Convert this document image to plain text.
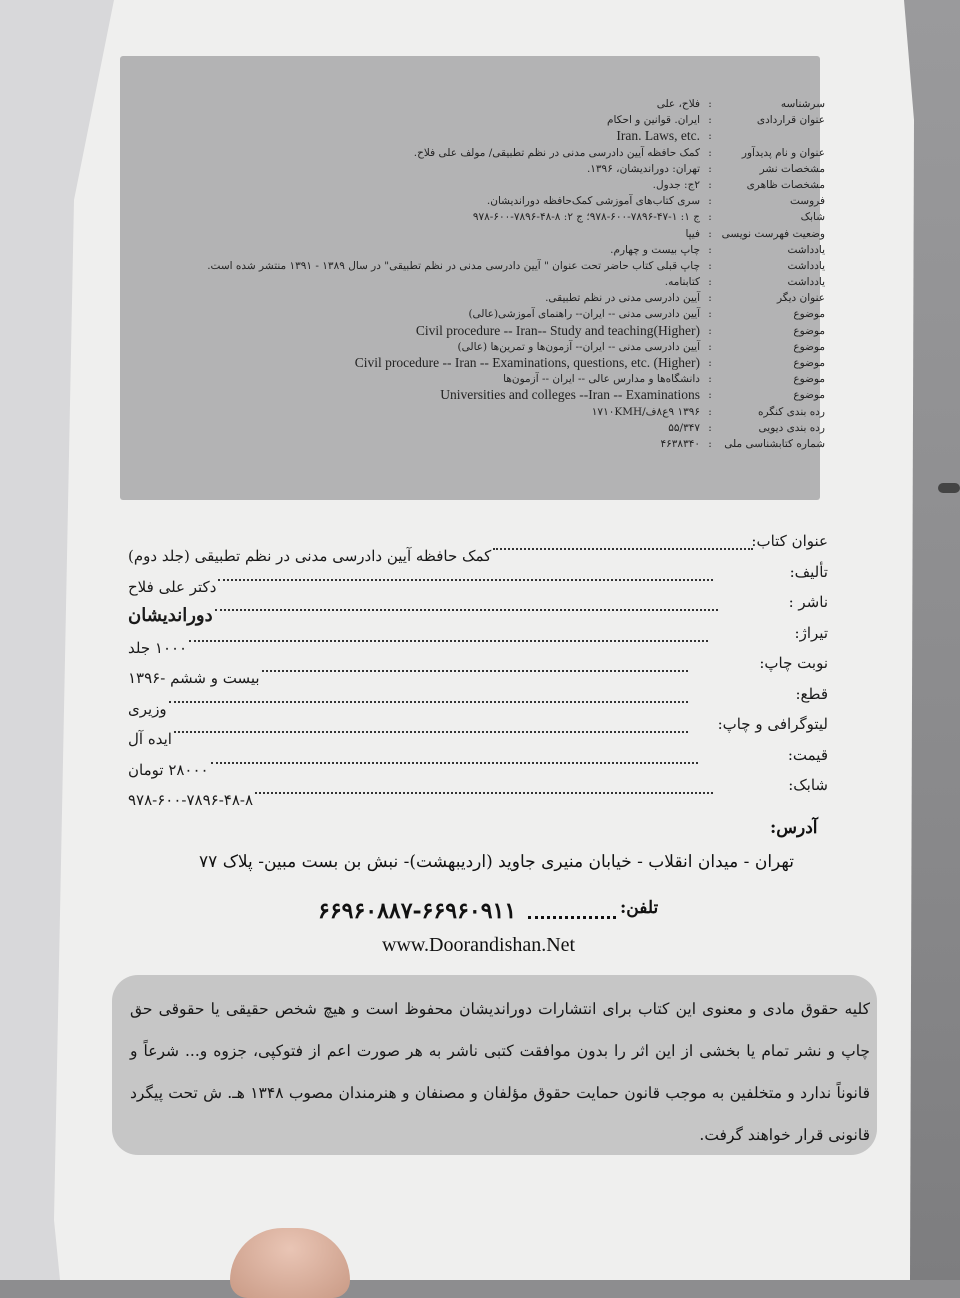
سرشناسه
:
فلاح، علی
عنوان قراردادی
:
ایران. قوانین و احکام
:
Iran. Laws, etc.
عنوان و نام پدیدآور
:
کمک حافظه آیین دادرسی مدنی در نظم تطبیقی/ مولف علی فلاح.
مشخصات نشر
:
تهران: دوراندیشان، ۱۳۹۶.
مشخصات ظاهری
:
۲ج: جدول.
فروست
:
سری کتاب‌های آموزشی کمک‌حافظه دوراندیشان.
شابک
:
ج ۱: ۱-۴۷-۷۸۹۶-۶۰۰-۹۷۸؛ ج ۲: ۸-۴۸-۷۸۹۶-۶۰۰-۹۷۸
وضعیت فهرست نویسی
:
فیپا
یادداشت
:
چاپ بیست و چهارم.
یادداشت
:
چاپ قبلی کتاب حاضر تحت عنوان " آیین دادرسی مدنی در نظم تطبیقی" در سال ۱۳۸۹ - ۱۳۹۱ منتشر شده است.
یادداشت
:
کتابنامه.
عنوان دیگر
:
آیین دادرسی مدنی در نظم تطبیقی.
موضوع
:
آیین دادرسی مدنی -- ایران-- راهنمای آموزشی(عالی)
موضوع
:
Civil procedure -- Iran-- Study and teaching(Higher)
موضوع
:
آیین دادرسی مدنی -- ایران-- آزمون‌ها و تمرین‌ها (عالی)
موضوع
:
Civil procedure -- Iran -- Examinations, questions, etc. (Higher)
موضوع
:
دانشگاه‌ها و مدارس عالی -- ایران -- آزمون‌ها
موضوع
:
Universities and colleges --Iran -- Examinations
رده بندی کنگره
:
۱۳۹۶ ۹ع۸‌ف/۱۷۱۰KMH
رده بندی دیویی
:
۵۵/۳۴۷
شماره کتابشناسی ملی
:
۴۶۳۸۳۴۰
عنوان کتاب:
کمک حافظه آیین دادرسی مدنی در نظم تطبیقی (جلد دوم)
تألیف:
دکتر علی فلاح
ناشر :
دوراندیشان
تیراژ:
۱۰۰۰ جلد
نوبت چاپ:
بیست و ششم -۱۳۹۶
قطع:
وزیری
لیتوگرافی و چاپ:
ایده آل
قیمت:
۲۸۰۰۰ تومان
شابک:
۹۷۸-۶۰۰-۷۸۹۶-۴۸-۸
آدرس:
تهران - میدان انقلاب - خیابان منیری جاوید (اردیبهشت)- نبش بن بست مبین- پلاک ۷۷
تلفن:
۶۶۹۶۰۸۸۷-۶۶۹۶۰۹۱۱
www.Doorandishan.Net
کلیه حقوق مادی و معنوی این کتاب برای انتشارات دوراندیشان محفوظ است و هیچ شخص حقیقی یا حقوقی حق چاپ و نشر تمام یا بخشی از این اثر را بدون موافقت کتبی ناشر به هر صورت اعم از فتوکپی، جزوه و... شرعاً و قانوناً ندارد و متخلفین به موجب قانون حمایت حقوق مؤلفان و مصنفان و هنرمندان مصوب ۱۳۴۸ هـ. ش تحت پیگرد قانونی قرار خواهند گرفت.
